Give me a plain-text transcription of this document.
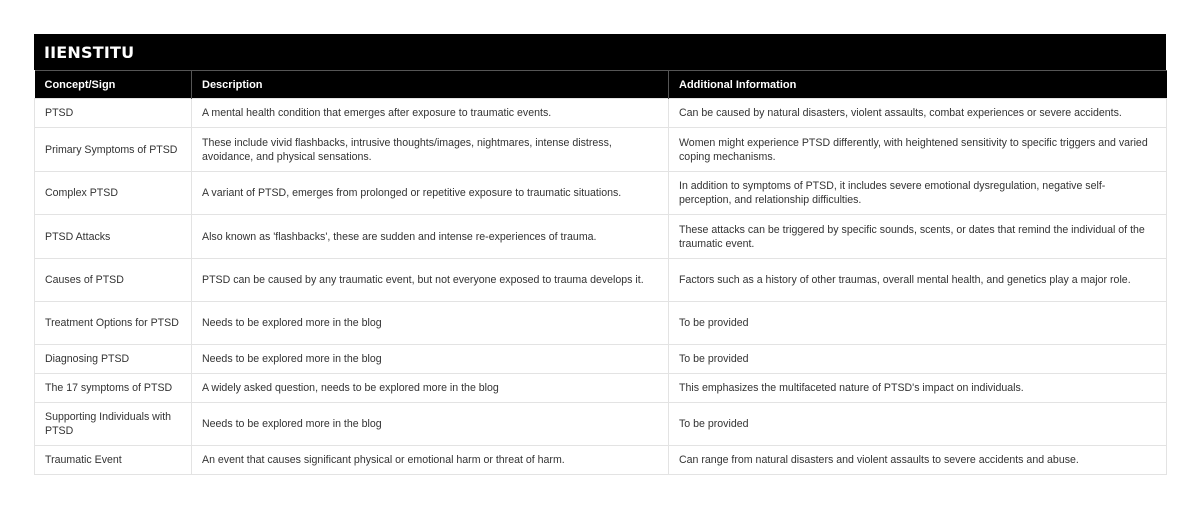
IIENSTITU
Concept/Sign	Description	Additional Information
PTSD	A mental health condition that emerges after exposure to traumatic events.	Can be caused by natural disasters, violent assaults, combat experiences or severe accidents.
Primary Symptoms of PTSD	These include vivid flashbacks, intrusive thoughts/images, nightmares, intense distress, avoidance, and physical sensations.	Women might experience PTSD differently, with heightened sensitivity to specific triggers and varied coping mechanisms.
Complex PTSD	A variant of PTSD, emerges from prolonged or repetitive exposure to traumatic situations.	In addition to symptoms of PTSD, it includes severe emotional dysregulation, negative self-perception, and relationship difficulties.
PTSD Attacks	Also known as 'flashbacks', these are sudden and intense re-experiences of trauma.	These attacks can be triggered by specific sounds, scents, or dates that remind the individual of the traumatic event.
Causes of PTSD	PTSD can be caused by any traumatic event, but not everyone exposed to trauma develops it.	Factors such as a history of other traumas, overall mental health, and genetics play a major role.
Treatment Options for PTSD	Needs to be explored more in the blog	To be provided
Diagnosing PTSD	Needs to be explored more in the blog	To be provided
The 17 symptoms of PTSD	A widely asked question, needs to be explored more in the blog	This emphasizes the multifaceted nature of PTSD's impact on individuals.
Supporting Individuals with PTSD	Needs to be explored more in the blog	To be provided
Traumatic Event	An event that causes significant physical or emotional harm or threat of harm.	Can range from natural disasters and violent assaults to severe accidents and abuse.
